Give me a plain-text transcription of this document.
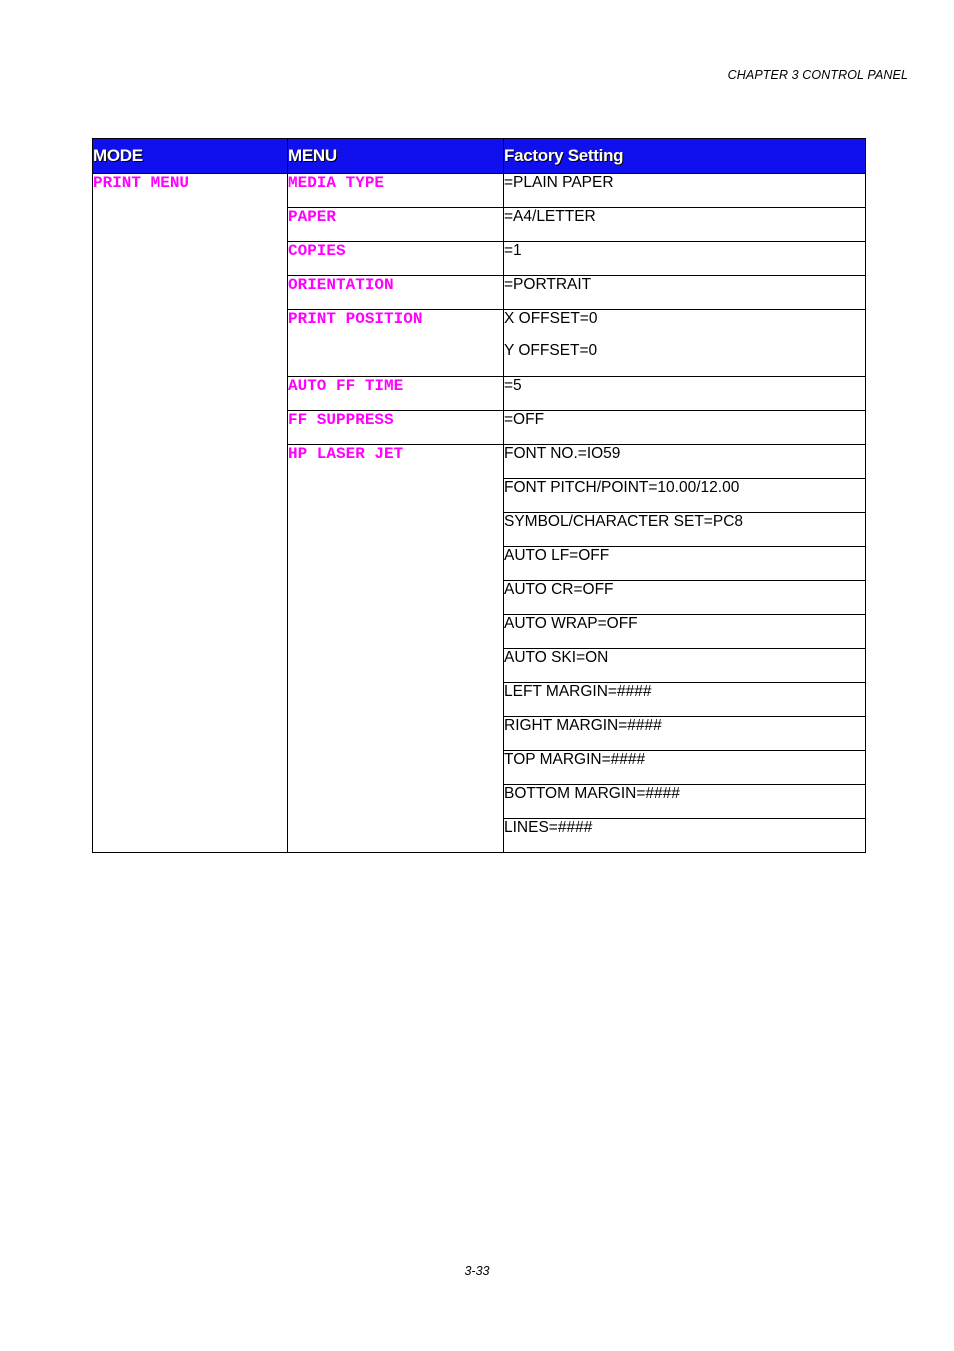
CHAPTER 3 CONTROL PANEL
MODE	MENU	Factory Setting
PRINT MENU	MEDIA TYPE	=PLAIN PAPER
	PAPER	=A4/LETTER
	COPIES	=1
	ORIENTATION	=PORTRAIT
	PRINT POSITION	X OFFSET=0
Y OFFSET=0

	AUTO FF TIME	=5
	FF SUPPRESS	=OFF
	HP LASER JET	FONT NO.=IO59
		FONT PITCH/POINT=10.00/12.00
		SYMBOL/CHARACTER SET=PC8
		AUTO LF=OFF
		AUTO CR=OFF
		AUTO WRAP=OFF
		AUTO SKI=ON
		LEFT MARGIN=####
		RIGHT MARGIN=####
		TOP MARGIN=####
		BOTTOM MARGIN=####
		LINES=####
3-33
